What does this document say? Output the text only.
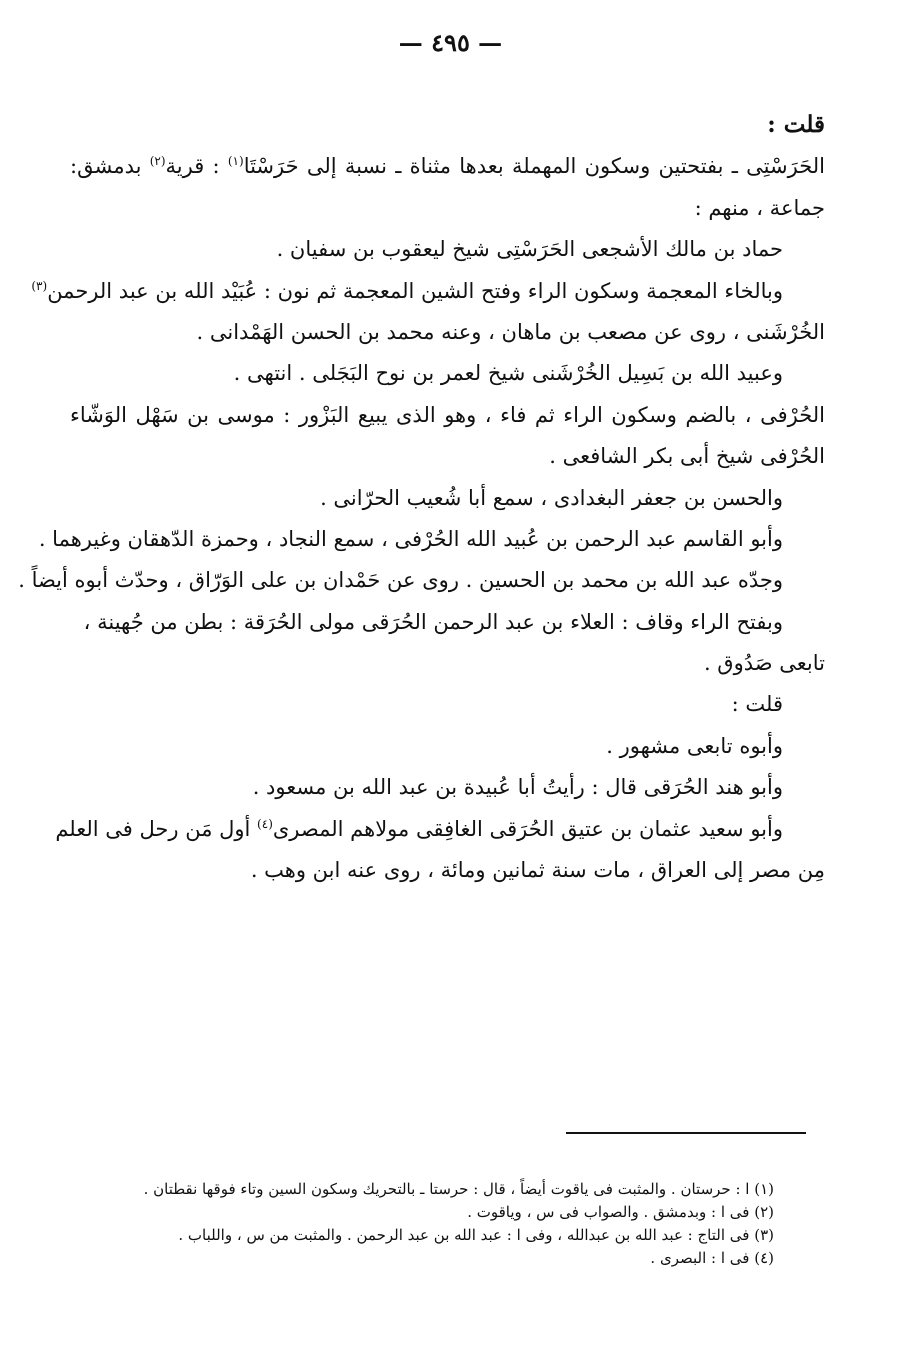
— ٤٩٥ —
قلت :
الحَرَسْتِى ـ بفتحتين وسكون المهملة بعدها مثناة ـ نسبة إلى حَرَسْتَا$^{(١)}$ : قرية$^{(٢)}$ بدمشق:
جماعة ، منهم :
حماد بن مالك الأشجعى الحَرَسْتِى شيخ ليعقوب بن سفيان .
وبالخاء المعجمة وسكون الراء وفتح الشين المعجمة ثم نون : عُبَيْد الله بن عبد الرحمن$^{(٣)}$
الخُرْشَنى ، روى عن مصعب بن ماهان ، وعنه محمد بن الحسن الهَمْدانى .
وعبيد الله بن بَسِيل الخُرْشَنى شيخ لعمر بن نوح البَجَلى . انتهى .
الحُرْفى ، بالضم وسكون الراء ثم فاء ، وهو الذى يبيع البَزْور : موسى بن سَهْل الوَشّاء
الحُرْفى شيخ أبى بكر الشافعى .
والحسن بن جعفر البغدادى ، سمع أبا شُعيب الحرّانى .
وأبو القاسم عبد الرحمن بن عُبيد الله الحُرْفى ، سمع النجاد ، وحمزة الدّهقان وغيرهما .
وجدّه عبد الله بن محمد بن الحسين . روى عن حَمْدان بن على الوَرّاق ، وحدّث أبوه أيضاً .
وبفتح الراء وقاف : العلاء بن عبد الرحمن الحُرَقى مولى الحُرَقة : بطن من جُهينة ،
تابعى صَدُوق .
قلت :
وأبوه تابعى مشهور .
وأبو هند الحُرَقى قال : رأيتُ أبا عُبيدة بن عبد الله بن مسعود .
وأبو سعيد عثمان بن عتيق الحُرَقى الغافِقى مولاهم المصرى$^{(٤)}$ أول مَن رحل فى العلم
مِن مصر إلى العراق ، مات سنة ثمانين ومائة ، روى عنه ابن وهب .
(١) ا : حرستان . والمثبت فى ياقوت أيضاً ، قال : حرستا ـ بالتحريك وسكون السين وتاء فوقها نقطتان .
(٢) فى ا : وبدمشق . والصواب فى س ، وياقوت .
(٣) فى التاج : عبد الله بن عبدالله ، وفى ا : عبد الله بن عبد الرحمن . والمثبت من س ، واللباب .
(٤) فى ا : البصرى .
